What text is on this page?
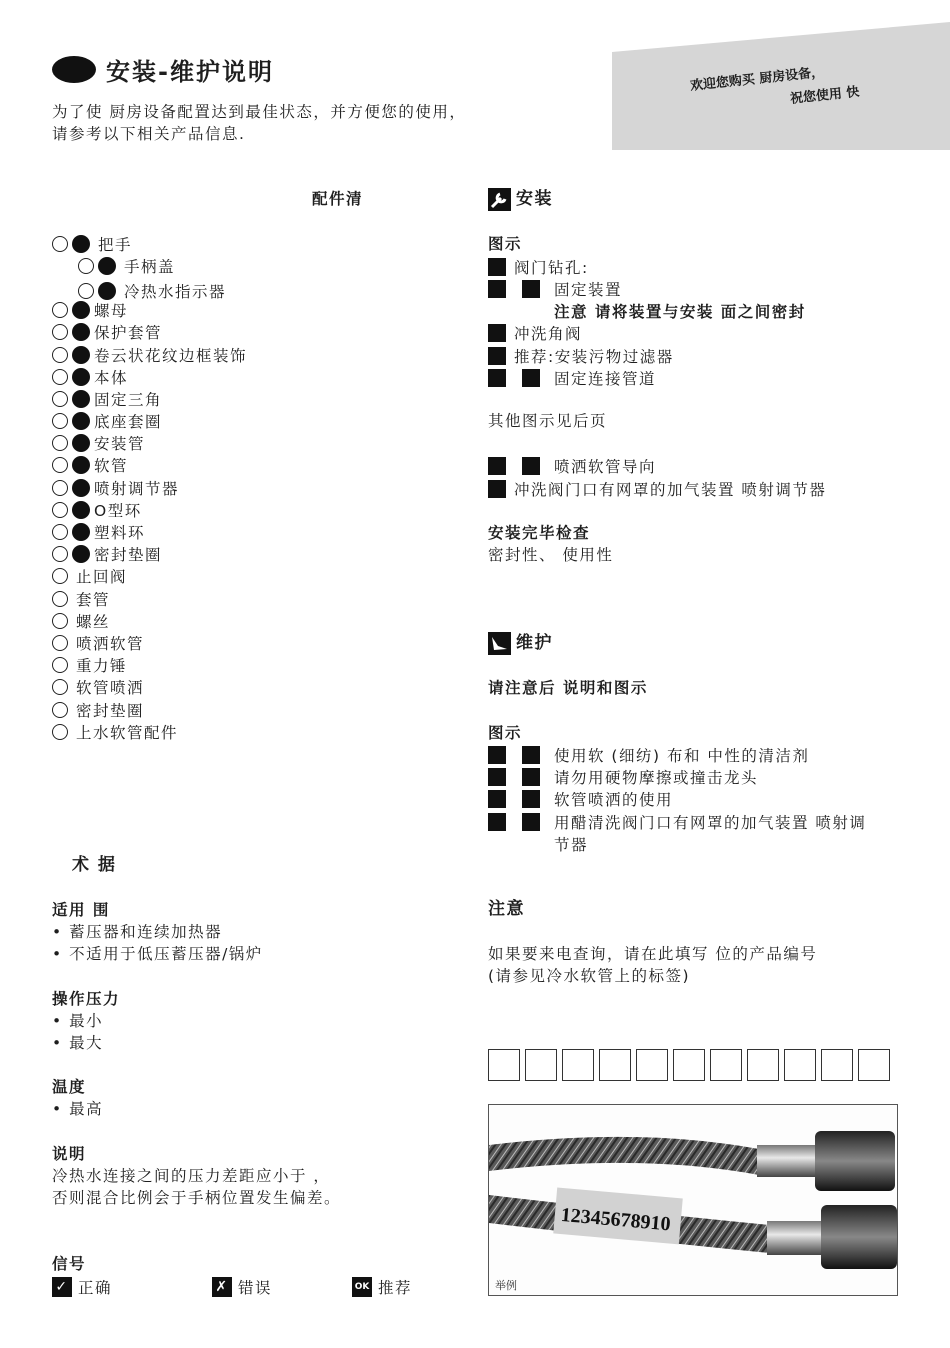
安装-维护说明
为了使 厨房设备配置达到最佳状态，并方便您的使用，
请参考以下相关产品信息.
欢迎您购买 厨房设备，
祝您使用 快
配件清
把手
手柄盖
冷热水指示器
螺母
保护套管
卷云状花纹边框装饰
本体
固定三角
底座套圈
安装管
软管
喷射调节器
O型环
塑料环
密封垫圈
止回阀
套管
螺丝
喷洒软管
重力锤
软管喷洒
密封垫圈
上水软管配件
安装
图示
阀门钻孔:
固定装置
注意 请将装置与安装 面之间密封
冲洗角阀
推荐:安装污物过滤器
固定连接管道
其他图示见后页
喷洒软管导向
冲洗阀门口有网罩的加气装置 喷射调节器
安装完毕检查
密封性、 使用性
维护
请注意后 说明和图示
图示
使用软 (细纺) 布和 中性的清洁剂
请勿用硬物摩擦或撞击龙头
软管喷洒的使用
用醋清洗阀门口有网罩的加气装置 喷射调
节器
术 据
适用 围
• 蓄压器和连续加热器
• 不适用于低压蓄压器/锅炉
操作压力
• 最小
• 最大
温度
• 最高
说明
冷热水连接之间的压力差距应小于 ，
否则混合比例会于手柄位置发生偏差。
注意
如果要来电查询，请在此填写 位的产品编号
(请参见冷水软管上的标签)
12345678910
举例
信号
✓ 正确	✗ 错误	OK 推荐
